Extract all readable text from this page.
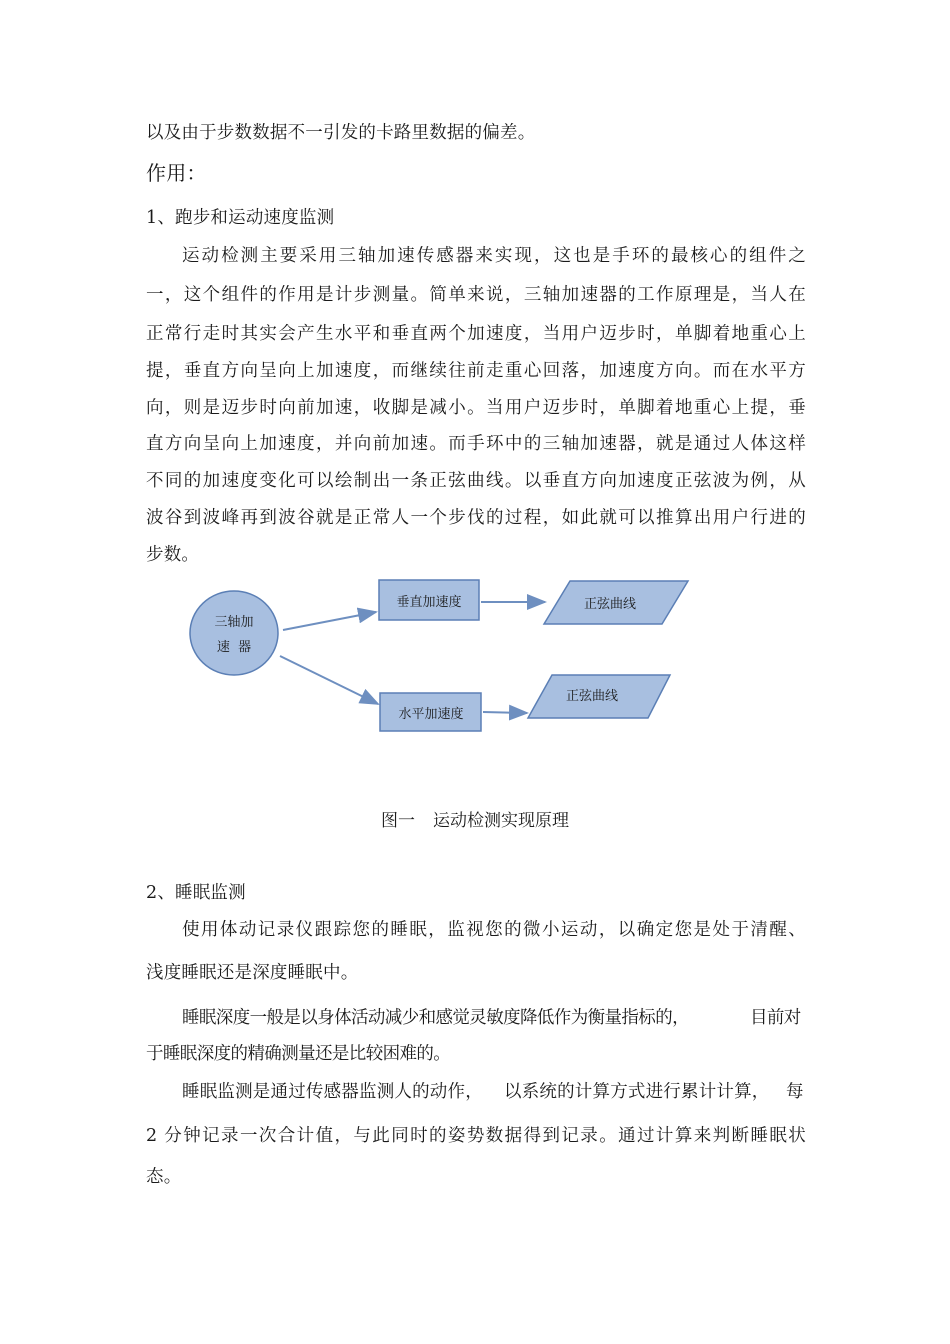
以及由于步数数据不一引发的卡路里数据的偏差。
作用：
1、跑步和运动速度监测
运动检测主要采用三轴加速传感器来实现，这也是手环的最核心的组件之
一，这个组件的作用是计步测量。简单来说，三轴加速器的工作原理是，当人在
正常行走时其实会产生水平和垂直两个加速度，当用户迈步时，单脚着地重心上
提，垂直方向呈向上加速度，而继续往前走重心回落，加速度方向。而在水平方
向，则是迈步时向前加速，收脚是减小。当用户迈步时，单脚着地重心上提，垂
直方向呈向上加速度，并向前加速。而手环中的三轴加速器，就是通过人体这样
不同的加速度变化可以绘制出一条正弦曲线。以垂直方向加速度正弦波为例，从
波谷到波峰再到波谷就是正常人一个步伐的过程，如此就可以推算出用户行进的
步数。
三轴加
速  器
垂直加速度
水平加速度
正弦曲线
正弦曲线
图一 运动检测实现原理
2、睡眠监测
使用体动记录仪跟踪您的睡眠，监视您的微小运动，以确定您是处于清醒、
浅度睡眠还是深度睡眠中。
睡眠深度一般是以身体活动减少和感觉灵敏度降低作为衡量指标的，	目前对
于睡眠深度的精确测量还是比较困难的。
睡眠监测是通过传感器监测人的动作， 以系统的计算方式进行累计计算， 每
2 分钟记录一次合计值，与此同时的姿势数据得到记录。通过计算来判断睡眠状
态。
